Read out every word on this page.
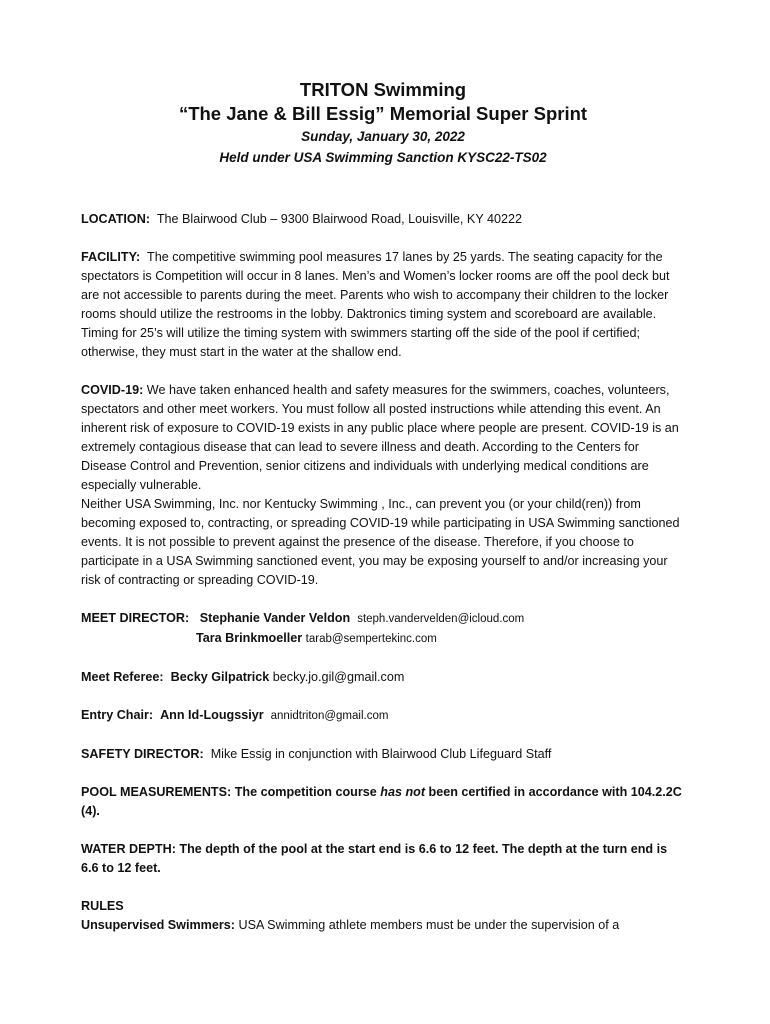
TRITON Swimming

“The Jane & Bill Essig” Memorial Super Sprint

Sunday, January 30, 2022

Held under USA Swimming Sanction KYSC22-TS02

LOCATION: The Blairwood Club – 9300 Blairwood Road, Louisville, KY 40222

FACILITY: The competitive swimming pool measures 17 lanes by 25 yards. The seating capacity for the spectators is Competition will occur in 8 lanes. Men’s and Women’s locker rooms are off the pool deck but are not accessible to parents during the meet. Parents who wish to accompany their children to the locker rooms should utilize the restrooms in the lobby. Daktronics timing system and scoreboard are available. Timing for 25’s will utilize the timing system with swimmers starting off the side of the pool if certified; otherwise, they must start in the water at the shallow end.

COVID-19: We have taken enhanced health and safety measures for the swimmers, coaches, volunteers, spectators and other meet workers. You must follow all posted instructions while attending this event. An inherent risk of exposure to COVID-19 exists in any public place where people are present. COVID-19 is an extremely contagious disease that can lead to severe illness and death. According to the Centers for Disease Control and Prevention, senior citizens and individuals with underlying medical conditions are especially vulnerable.

Neither USA Swimming, Inc. nor Kentucky Swimming , Inc., can prevent you (or your child(ren)) from becoming exposed to, contracting, or spreading COVID-19 while participating in USA Swimming sanctioned events. It is not possible to prevent against the presence of the disease. Therefore, if you choose to participate in a USA Swimming sanctioned event, you may be exposing yourself to and/or increasing your risk of contracting or spreading COVID-19.

MEET DIRECTOR: Stephanie Vander Veldon steph.vandervelden@icloud.com

Tara Brinkmoeller tarab@sempertekinc.com

Meet Referee: Becky Gilpatrick becky.jo.gil@gmail.com

Entry Chair: Ann Id-Lougssiyr annidtriton@gmail.com

SAFETY DIRECTOR: Mike Essig in conjunction with Blairwood Club Lifeguard Staff

POOL MEASUREMENTS: The competition course has not been certified in accordance with 104.2.2C (4).

WATER DEPTH: The depth of the pool at the start end is 6.6 to 12 feet. The depth at the turn end is 6.6 to 12 feet.

RULES

Unsupervised Swimmers: USA Swimming athlete members must be under the supervision of a
